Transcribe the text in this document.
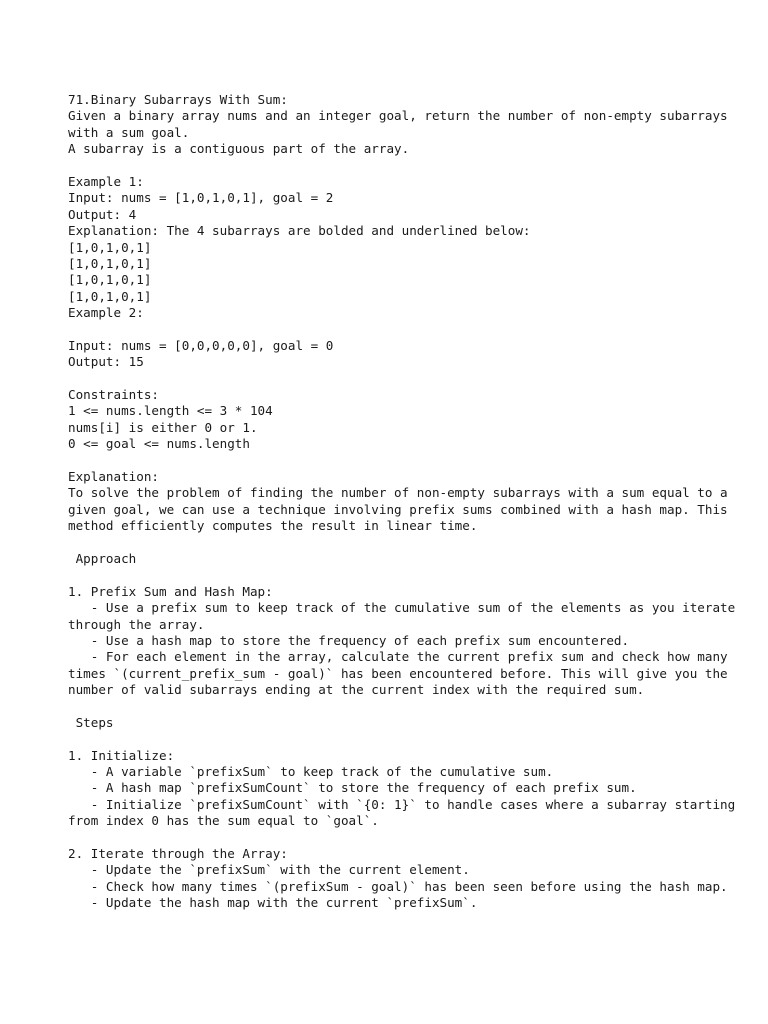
71.Binary Subarrays With Sum:
Given a binary array nums and an integer goal, return the number of non-empty subarrays
with a sum goal.
A subarray is a contiguous part of the array.
Example 1:
Input: nums = [1,0,1,0,1], goal = 2
Output: 4
Explanation: The 4 subarrays are bolded and underlined below:
[1,0,1,0,1]
[1,0,1,0,1]
[1,0,1,0,1]
[1,0,1,0,1]
Example 2:
Input: nums = [0,0,0,0,0], goal = 0
Output: 15
Constraints:
1 <= nums.length <= 3 * 104
nums[i] is either 0 or 1.
0 <= goal <= nums.length
Explanation:
To solve the problem of finding the number of non-empty subarrays with a sum equal to a
given goal, we can use a technique involving prefix sums combined with a hash map. This
method efficiently computes the result in linear time.
Approach
1. Prefix Sum and Hash Map:
- Use a prefix sum to keep track of the cumulative sum of the elements as you iterate
through the array.
- Use a hash map to store the frequency of each prefix sum encountered.
- For each element in the array, calculate the current prefix sum and check how many
times `(current_prefix_sum - goal)` has been encountered before. This will give you the
number of valid subarrays ending at the current index with the required sum.
Steps
1. Initialize:
- A variable `prefixSum` to keep track of the cumulative sum.
- A hash map `prefixSumCount` to store the frequency of each prefix sum.
- Initialize `prefixSumCount` with `{0: 1}` to handle cases where a subarray starting
from index 0 has the sum equal to `goal`.
2. Iterate through the Array:
- Update the `prefixSum` with the current element.
- Check how many times `(prefixSum - goal)` has been seen before using the hash map.
- Update the hash map with the current `prefixSum`.
